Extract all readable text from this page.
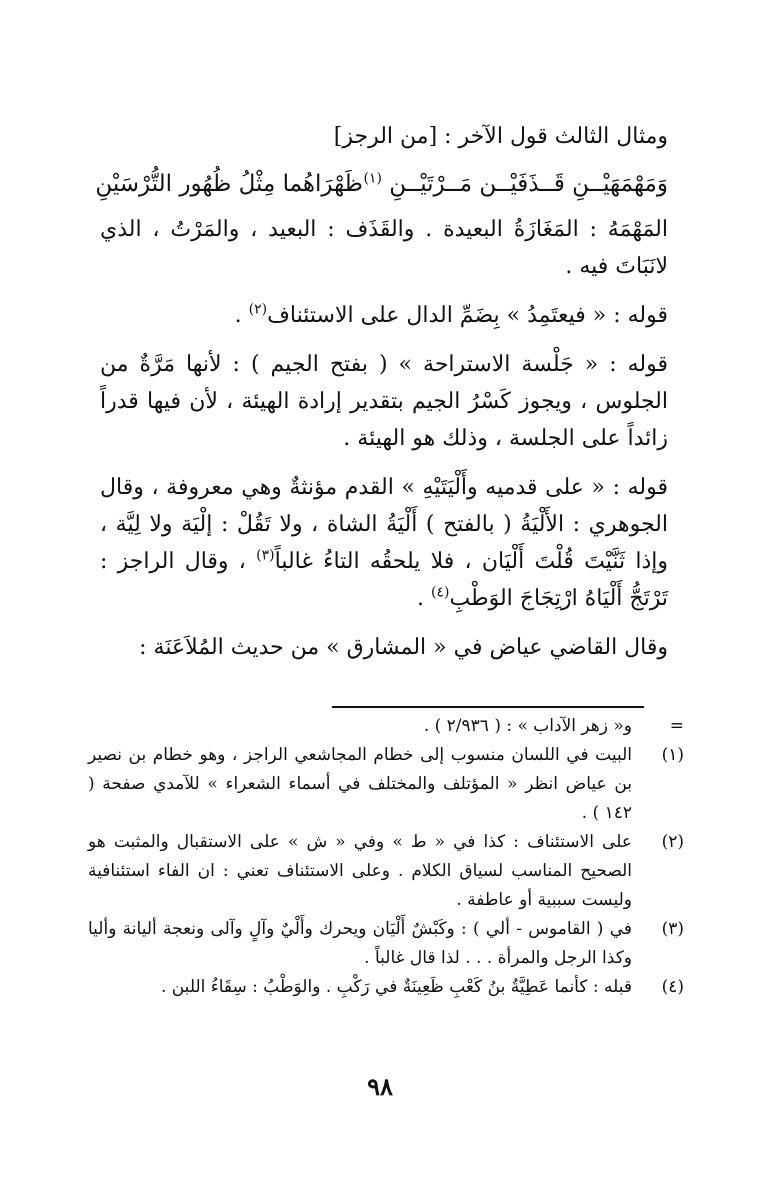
ومثال الثالث قول الآخر : [من الرجز]
وَمَهْمَهَيْــنِ قَــذَفَيْــن مَــرْتَيْــنِ $^{(١)}$
ظَهْرَاهُما مِثْلُ ظُهُور التُّرْسَيْنِ
المَهْمَهُ : المَغَازَةُ البعيدة . والقَذَف : البعيد ، والمَرْتُ ، الذي لانَبَاتَ فيه .
قوله : « فيعتَمِدُ » بِضَمِّ الدال على الاستئناف$^{(٢)}$ .
قوله : « جَلْسة الاستراحة » ( بفتح الجيم ) : لأنها مَرَّةٌ من الجلوس ، ويجوز كَسْرُ الجيم بتقدير إرادة الهيئة ، لأن فيها قدراً زائداً على الجلسة ، وذلك هو الهيئة .
قوله : « على قدميه وأَلْيَتَيْهِ » القدم مؤنثةٌ وهي معروفة ، وقال الجوهري : الأَلْيَةُ ( بالفتح ) أَلْيَةُ الشاة ، ولا تَقُلْ : إلْيَة ولا لِيَّة ، وإذا ثَنَّيْتَ قُلْتَ أَلْيَان ، فلا يلحقُه التاءُ غالباً$^{(٣)}$ ، وقال الراجز : تَرْتَجُّ أَلْيَاهُ ارْتِجَاجَ الوَطْبِ$^{(٤)}$ .
وقال القاضي عياض في « المشارق » من حديث المُلاَعَنَة :
=
و« زهر الآداب » : ( ٢/٩٣٦ ) .
(١)
البيت في اللسان منسوب إلى خطام المجاشعي الراجز ، وهو خطام بن نصير بن عياض انظر « المؤتلف والمختلف في أسماء الشعراء » للآمدي صفحة ( ١٤٢ ) .
(٢)
على الاستئناف : كذا في « ط » وفي « ش » على الاستقبال والمثبت هو الصحيح المناسب لسياق الكلام . وعلى الاستئناف تعني : ان الفاء استئنافية وليست سببية أو عاطفة .
(٣)
في ( القاموس - ألي ) : وكَبْشٌ أَلْيَان ويحرك وأَلْيٌ وآلٍ وآلى ونعجة أليانة وأليا وكذا الرجل والمرأة . . . لذا قال غالباً .
(٤)
قبله : كأنما عَطِيَّةُ بنُ كَعْبِ ظَعِينَةٌ في رَكْبِ . والوَطْبُ : سِقَاءُ اللبن .
٩٨
